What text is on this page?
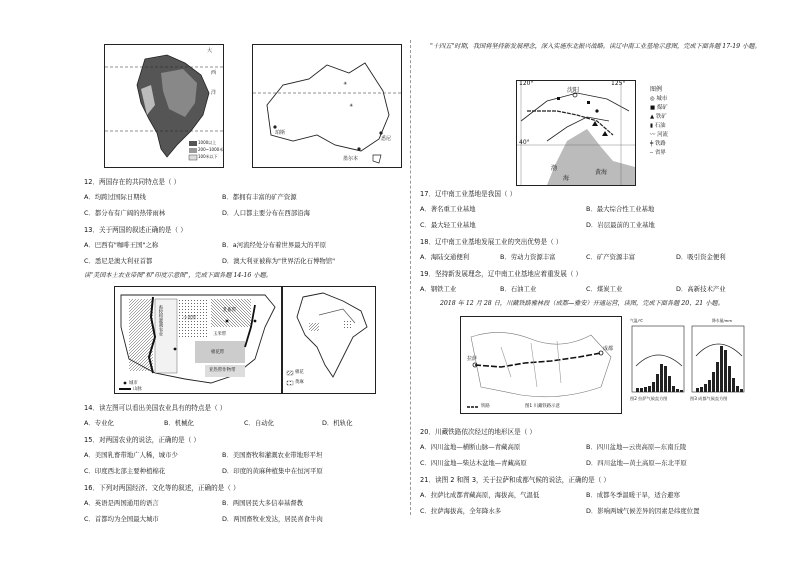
大
西
洋
1000以上
200~1000米
100米以下
☀
☀
珀斯
墨尔本
悉尼
12．两国存在的共同特点是（ ）
A．均跨过国际日期线	B．都拥有丰富的矿产资源
C．都分布有广阔的热带雨林	D．人口都主要分布在西部沿海
13．关于两国的叙述正确的是（ ）
A．巴西有"咖啡王国"之称	B．a河流经处分布着世界最大的平原
C．悉尼是澳大利亚首都	D．澳大利亚被称为"世界活化石博物馆"
读"美国本土农业带图"和"印度示意图"，完成下面各题 14-16 小题。
畜牧和灌溉农业	小麦带
乳畜带
玉米带
棉花带
亚热带作物带
城市
山脉
棉花
黄麻
14．读左图可以看出美国农业具有的特点是（ ）
A．专业化	B．机械化	C．自动化	D．机轨化
15．对两国农业的说法，正确的是（ ）
A．美国乳畜带地广人稀，城市少	B．美国畜牧和灌溉农业带地形平坦
C．印度西北部主要种植棉花	D．印度的黄麻种植集中在恒河平原
16．下列对两国经济、文化等的叙述，正确的是（ ）
A．英语是两国通用的语言	B．两国居民大多信奉基督教
C．首都均为全国最大城市	D．两国畜牧业发达，居民喜食牛肉
"十四五"时期，我国将坚持新发展理念，深入实施东北振兴战略。读辽中南工业基地示意图，完成下面各题 17-19 小题。
120°	125°
40°
沈阳
渤
海
黄海
图例
◎ 城市
■ 煤矿
▲ 铁矿
▮ 石油
〰 河流
╪ 铁路
┄ 省界
17．辽中南工业基地是我国（ ）
A．著名重工业基地	B．最大综合性工业基地
C．最大轻工业基地	D．岩层最前的工业基地
18．辽中南工业基地发展工业的突出优势是（ ）
A．海陆交通便利	B．劳动力资源丰富	C．矿产资源丰富	D．吸引资金便利
19．坚持新发展理念，辽中南工业基地应着重发展（ ）
A．钢铁工业	B．石油工业	C．煤炭工业	D．高新技术产业
2018 年 12 月 28 日，川藏铁路雅林段（成都—雅安）开通运营，读图，完成下面各题 20、21 小题。
拉萨
成都
铁路	图1 川藏铁路示意
气温/℃	降水量/mm
图2 拉萨气候直方图	图3 成都气候直方图
20．川藏铁路依次经过的地形区是（ ）
A．四川盆地—横断山脉—青藏高原	B．四川盆地—云贵高原—东南丘陵
C．四川盆地—柴达木盆地—青藏高原	D．四川盆地—黄土高原—东北平原
21．读图 2 和图 3，关于拉萨和成都气候的说法，正确的是（ ）
A．拉萨比成都青藏高原，海拔高，气温低	B．成都冬季温暖干旱，适合避寒
C．拉萨海拔高，全年降水多	D．影响两城气候差异的因素是纬度位置
